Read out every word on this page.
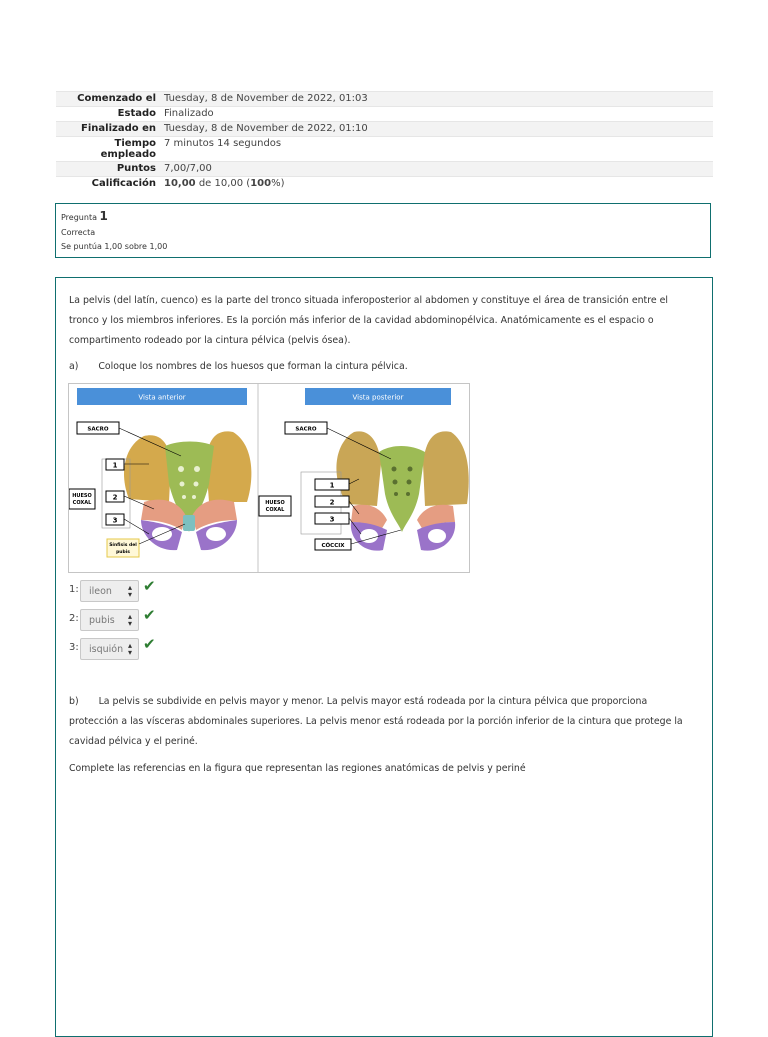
Comenzado el	Tuesday, 8 de November de 2022, 01:03
Estado	Finalizado
Finalizado en	Tuesday, 8 de November de 2022, 01:10
Tiempo empleado	7 minutos 14 segundos
Puntos	7,00/7,00
Calificación	10,00 de 10,00 (100%)
Pregunta 1
Correcta
Se puntúa 1,00 sobre 1,00
La pelvis (del latín, cuenco) es la parte del tronco situada inferoposterior al abdomen y constituye el área de transición entre el tronco y los miembros inferiores. Es la porción más inferior de la cavidad abdominopélvica. Anatómicamente es el espacio o compartimento rodeado por la cintura pélvica (pelvis ósea).
a) Coloque los nombres de los huesos que forman la cintura pélvica.
Vista anterior
SACRO
HUESO
COXAL
1
2
3
Sínfisis del
pubis
Vista posterior
SACRO
HUESO
COXAL
1
2
3
CÓCCIX
1:	ileon ▴
▾ ✔
2:	pubis ▴
▾ ✔
3:	isquión ▴
▾ ✔
b) La pelvis se subdivide en pelvis mayor y menor. La pelvis mayor está rodeada por la cintura pélvica que proporciona protección a las vísceras abdominales superiores. La pelvis menor está rodeada por la porción inferior de la cintura que protege la cavidad pélvica y el periné.
Complete las referencias en la figura que representan las regiones anatómicas de pelvis y periné
